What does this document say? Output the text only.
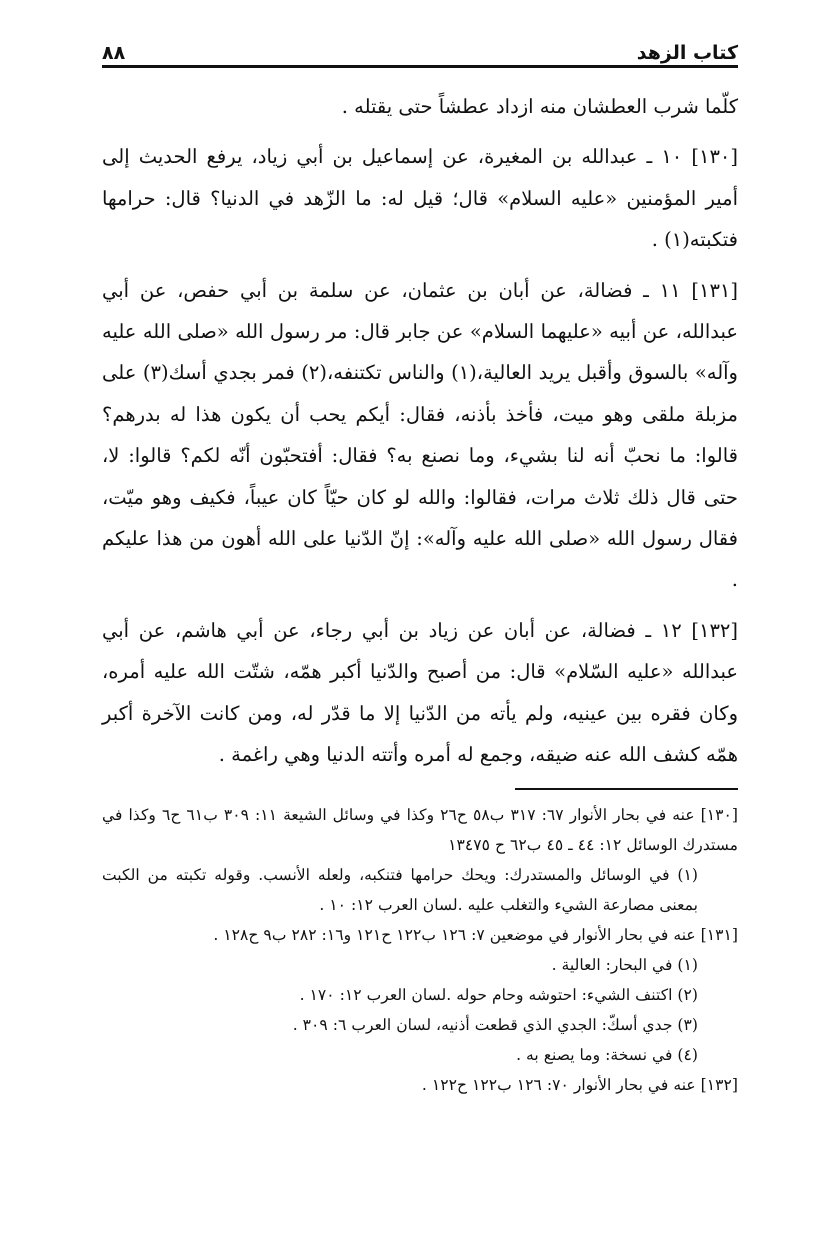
كتاب الزهد
٨٨

كلّما شرب العطشان منه ازداد عطشاً حتى يقتله .

[١٣٠] ١٠ ـ عبدالله بن المغيرة، عن إسماعيل بن أبي زياد، يرفع الحديث إلى أمير المؤمنين «عليه السلام» قال؛ قيل له: ما الزّهد في الدنيا؟ قال: حرامها فتكبته(١) .

[١٣١] ١١ ـ فضالة، عن أبان بن عثمان، عن سلمة بن أبي حفص، عن أبي عبدالله، عن أبيه «عليهما السلام» عن جابر قال: مر رسول الله «صلى الله عليه وآله» بالسوق وأقبل يريد العالية،(١) والناس تكتنفه،(٢) فمر بجدي أسك(٣) على مزبلة ملقى وهو ميت، فأخذ بأذنه، فقال: أيكم يحب أن يكون هذا له بدرهم؟ قالوا: ما نحبّ أنه لنا بشيء، وما نصنع به؟ فقال: أفتحبّون أنّه لكم؟ قالوا: لا، حتى قال ذلك ثلاث مرات، فقالوا: والله لو كان حيّاً كان عيباً، فكيف وهو ميّت، فقال رسول الله «صلى الله عليه وآله»: إنّ الدّنيا على الله أهون من هذا عليكم .

[١٣٢] ١٢ ـ فضالة، عن أبان عن زياد بن أبي رجاء، عن أبي هاشم، عن أبي عبدالله «عليه السّلام» قال: من أصبح والدّنيا أكبر همّه، شتّت الله عليه أمره، وكان فقره بين عينيه، ولم يأته من الدّنيا إلا ما قدّر له، ومن كانت الآخرة أكبر همّه كشف الله عنه ضيقه، وجمع له أمره وأتته الدنيا وهي راغمة .

[١٣٠] عنه في بحار الأنوار ٦٧: ٣١٧ ب٥٨ ح٢٦ وكذا في وسائل الشيعة ١١: ٣٠٩ ب٦١ ح٦ وكذا في مستدرك الوسائل ١٢: ٤٤ ـ ٤٥ ب٦٢ ح ١٣٤٧٥

(١) في الوسائل والمستدرك: ويحك حرامها فتنكبه، ولعله الأنسب. وقوله تكبته من الكبت بمعنى مصارعة الشيء والتغلب عليه .لسان العرب ١٢: ١٠ .

[١٣١] عنه في بحار الأنوار في موضعين ٧: ١٢٦ ب١٢٢ ح١٢١ و١٦: ٢٨٢ ب٩ ح١٢٨ .

(١) في البحار: العالية .

(٢) اكتنف الشيء: احتوشه وحام حوله .لسان العرب ١٢: ١٧٠ .

(٣) جدي أسكّ: الجدي الذي قطعت أذنيه، لسان العرب ٦: ٣٠٩ .

(٤) في نسخة: وما يصنع به .

[١٣٢] عنه في بحار الأنوار ٧٠: ١٢٦ ب١٢٢ ح١٢٢ .
